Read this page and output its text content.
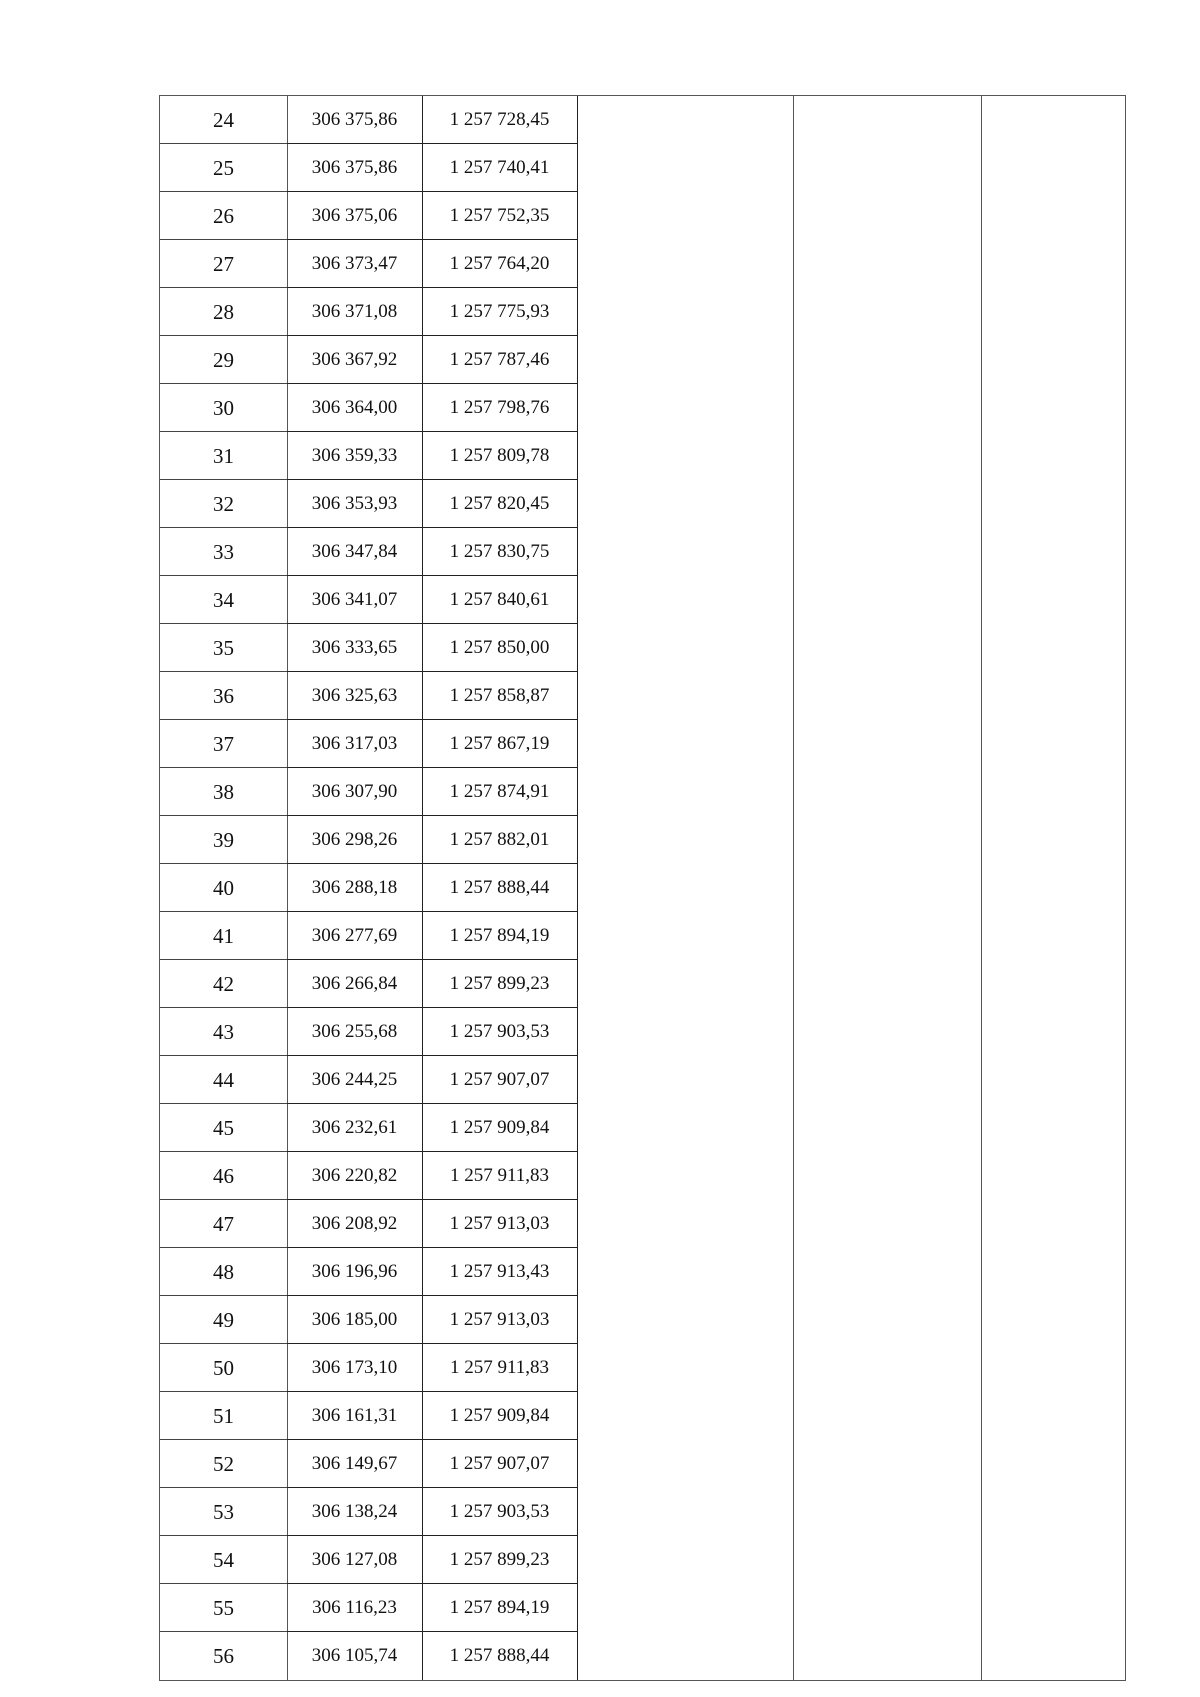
24	306 375,86	1 257 728,45
25	306 375,86	1 257 740,41
26	306 375,06	1 257 752,35
27	306 373,47	1 257 764,20
28	306 371,08	1 257 775,93
29	306 367,92	1 257 787,46
30	306 364,00	1 257 798,76
31	306 359,33	1 257 809,78
32	306 353,93	1 257 820,45
33	306 347,84	1 257 830,75
34	306 341,07	1 257 840,61
35	306 333,65	1 257 850,00
36	306 325,63	1 257 858,87
37	306 317,03	1 257 867,19
38	306 307,90	1 257 874,91
39	306 298,26	1 257 882,01
40	306 288,18	1 257 888,44
41	306 277,69	1 257 894,19
42	306 266,84	1 257 899,23
43	306 255,68	1 257 903,53
44	306 244,25	1 257 907,07
45	306 232,61	1 257 909,84
46	306 220,82	1 257 911,83
47	306 208,92	1 257 913,03
48	306 196,96	1 257 913,43
49	306 185,00	1 257 913,03
50	306 173,10	1 257 911,83
51	306 161,31	1 257 909,84
52	306 149,67	1 257 907,07
53	306 138,24	1 257 903,53
54	306 127,08	1 257 899,23
55	306 116,23	1 257 894,19
56	306 105,74	1 257 888,44
